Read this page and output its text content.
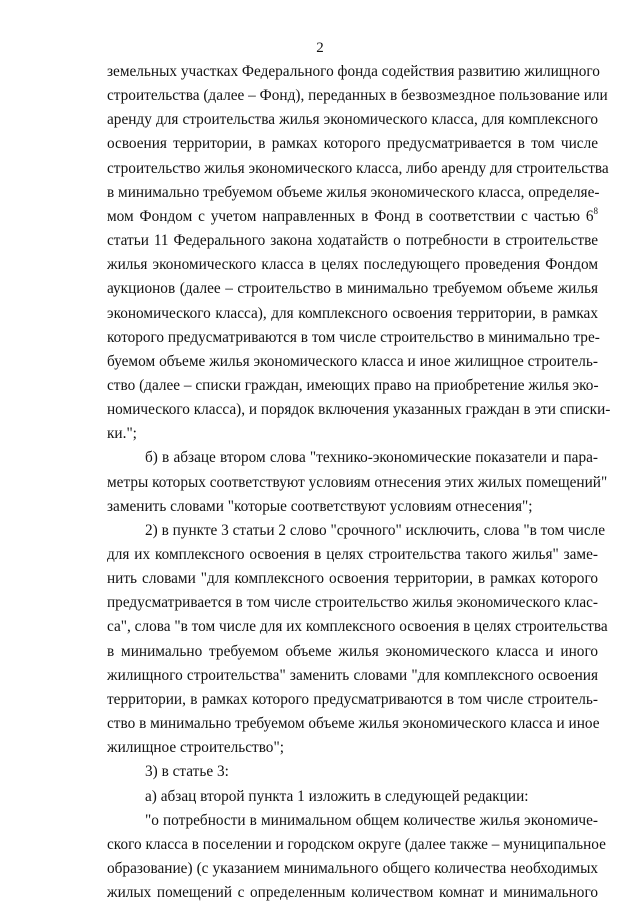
2
земельных участках Федерального фонда содействия развитию жилищного
строительства (далее – Фонд), переданных в безвозмездное пользование или
аренду для строительства жилья экономического класса, для комплексного
освоения территории, в рамках которого предусматривается в том числе
строительство жилья экономического класса, либо аренду для строительства
в минимально требуемом объеме жилья экономического класса, определяе-
мом Фондом с учетом направленных в Фонд в соответствии с частью $6^8$
статьи 11 Федерального закона ходатайств о потребности в строительстве
жилья экономического класса в целях последующего проведения Фондом
аукционов (далее – строительство в минимально требуемом объеме жилья
экономического класса), для комплексного освоения территории, в рамках
которого предусматриваются в том числе строительство в минимально тре-
буемом объеме жилья экономического класса и иное жилищное строитель-
ство (далее – списки граждан, имеющих право на приобретение жилья эко-
номического класса), и порядок включения указанных граждан в эти списки-
ки.";
б) в абзаце втором слова "технико-экономические показатели и пара-
метры которых соответствуют условиям отнесения этих жилых помещений"
заменить словами "которые соответствуют условиям отнесения";
2) в пункте 3 статьи 2 слово "срочного" исключить, слова "в том числе
для их комплексного освоения в целях строительства такого жилья" заме-
нить словами "для комплексного освоения территории, в рамках которого
предусматривается в том числе строительство жилья экономического клас-
са", слова "в том числе для их комплексного освоения в целях строительства
в минимально требуемом объеме жилья экономического класса и иного
жилищного строительства" заменить словами "для комплексного освоения
территории, в рамках которого предусматриваются в том числе строитель-
ство в минимально требуемом объеме жилья экономического класса и иное
жилищное строительство";
3) в статье 3:
а) абзац второй пункта 1 изложить в следующей редакции:
"о потребности в минимальном общем количестве жилья экономиче-
ского класса в поселении и городском округе (далее также – муниципальное
образование) (с указанием минимального общего количества необходимых
жилых помещений с определенным количеством комнат и минимального
